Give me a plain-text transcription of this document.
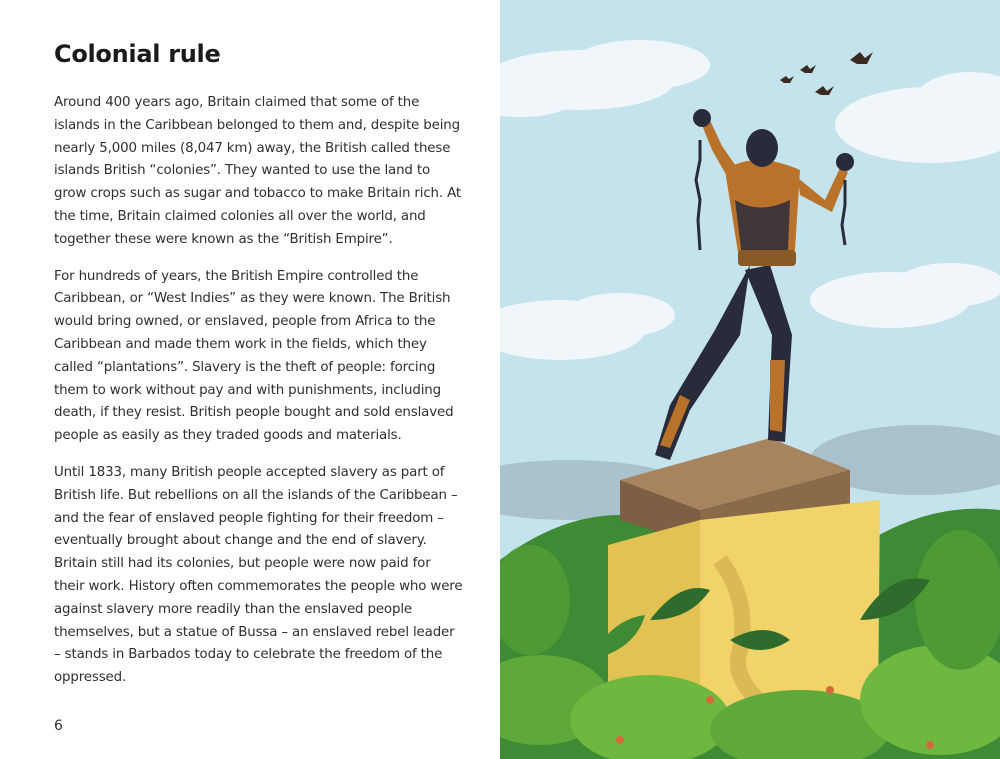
Colonial rule

Around 400 years ago, Britain claimed that some of the islands in the Caribbean belonged to them and, despite being nearly 5,000 miles (8,047 km) away, the British called these islands British “colonies”. They wanted to use the land to grow crops such as sugar and tobacco to make Britain rich. At the time, Britain claimed colonies all over the world, and together these were known as the “British Empire”.

For hundreds of years, the British Empire controlled the Caribbean, or “West Indies” as they were known. The British would bring owned, or enslaved, people from Africa to the Caribbean and made them work in the fields, which they called “plantations”. Slavery is the theft of people: forcing them to work without pay and with punishments, including death, if they resist. British people bought and sold enslaved people as easily as they traded goods and materials.

Until 1833, many British people accepted slavery as part of British life. But rebellions on all the islands of the Caribbean – and the fear of enslaved people fighting for their freedom – eventually brought about change and the end of slavery. Britain still had its colonies, but people were now paid for their work. History often commemorates the people who were against slavery more readily than the enslaved people themselves, but a statue of Bussa – an enslaved rebel leader – stands in Barbados today to celebrate the freedom of the oppressed.

6
